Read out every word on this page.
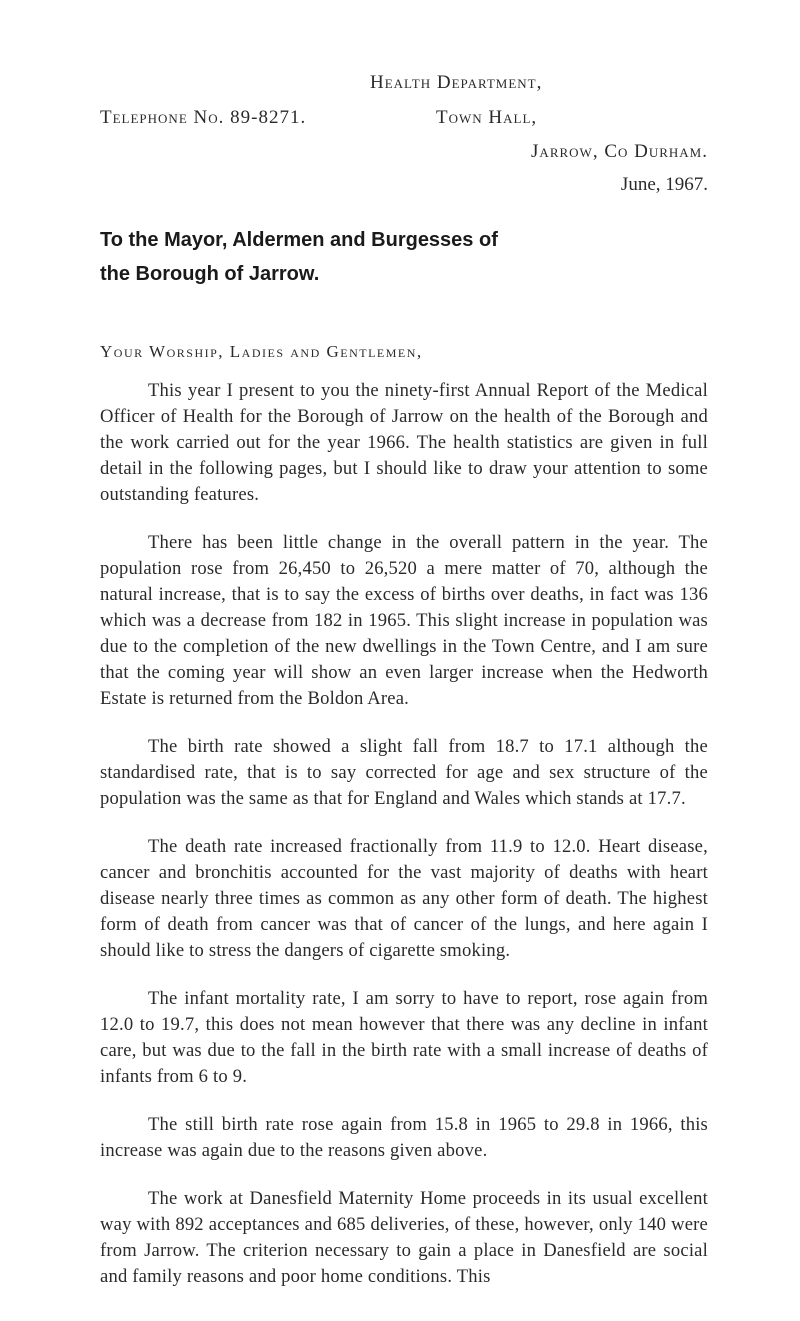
Health Department,
Telephone No. 89-8271.	Town Hall,
Jarrow, Co Durham.
June, 1967.
To the Mayor, Aldermen and Burgesses of
the Borough of Jarrow.
Your Worship, Ladies and Gentlemen,

This year I present to you the ninety-first Annual Report of the Medical Officer of Health for the Borough of Jarrow on the health of the Borough and the work carried out for the year 1966. The health statistics are given in full detail in the following pages, but I should like to draw your attention to some outstanding features.

There has been little change in the overall pattern in the year. The population rose from 26,450 to 26,520 a mere matter of 70, although the natural increase, that is to say the excess of births over deaths, in fact was 136 which was a decrease from 182 in 1965. This slight increase in population was due to the completion of the new dwellings in the Town Centre, and I am sure that the coming year will show an even larger increase when the Hedworth Estate is returned from the Boldon Area.

The birth rate showed a slight fall from 18.7 to 17.1 although the standardised rate, that is to say corrected for age and sex structure of the population was the same as that for England and Wales which stands at 17.7.

The death rate increased fractionally from 11.9 to 12.0. Heart disease, cancer and bronchitis accounted for the vast majority of deaths with heart disease nearly three times as common as any other form of death. The highest form of death from cancer was that of cancer of the lungs, and here again I should like to stress the dangers of cigarette smoking.

The infant mortality rate, I am sorry to have to report, rose again from 12.0 to 19.7, this does not mean however that there was any decline in infant care, but was due to the fall in the birth rate with a small increase of deaths of infants from 6 to 9.

The still birth rate rose again from 15.8 in 1965 to 29.8 in 1966, this increase was again due to the reasons given above.

The work at Danesfield Maternity Home proceeds in its usual excellent way with 892 acceptances and 685 deliveries, of these, however, only 140 were from Jarrow. The criterion necessary to gain a place in Danesfield are social and family reasons and poor home conditions. This
